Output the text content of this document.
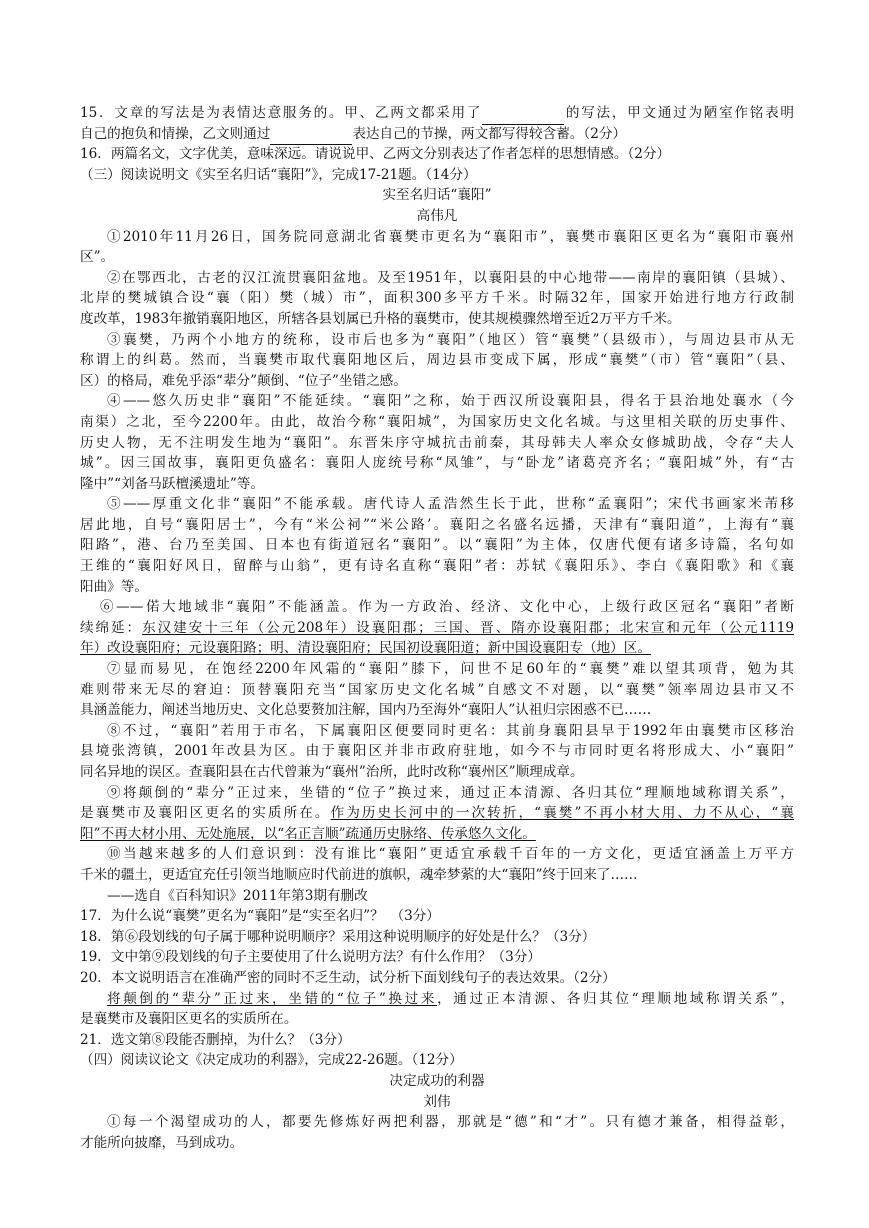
15．文章的写法是为表情达意服务的。甲、乙两文都采用了	的写法，甲文通过为陋室作铭表明
自己的抱负和情操，乙文则通过	表达自己的节操，两文都写得较含蓄。（2分）
16．两篇名文，文字优美，意味深远。请说说甲、乙两文分别表达了作者怎样的思想情感。（2分）
（三）阅读说明文《实至名归话“襄阳”》，完成17-21题。（14分）
实至名归话“襄阳”
高伟凡
①2010年11月26日，国务院同意湖北省襄樊市更名为“襄阳市”，襄樊市襄阳区更名为“襄阳市襄州
区”。
②在鄂西北，古老的汉江流贯襄阳盆地。及至1951年，以襄阳县的中心地带——南岸的襄阳镇（县城）、
北岸的樊城镇合设“襄（阳）樊（城）市”，面积300多平方千米。时隔32年，国家开始进行地方行政制
度改革，1983年撤销襄阳地区，所辖各县划属已升格的襄樊市，使其规模骤然增至近2万平方千米。
③襄樊，乃两个小地方的统称，设市后也多为“襄阳”（地区）管“襄樊”（县级市），与周边县市从无
称谓上的纠葛。然而，当襄樊市取代襄阳地区后，周边县市变成下属，形成“襄樊”（市）管“襄阳”（县、
区）的格局，难免乎添“辈分”颠倒、“位子”坐错之感。
④——悠久历史非“襄阳”不能延续。“襄阳”之称，始于西汉所设襄阳县，得名于县治地处襄水（今
南渠）之北，至今2200年。由此，故治今称“襄阳城”，为国家历史文化名城。与这里相关联的历史事件、
历史人物，无不注明发生地为“襄阳”。东晋朱序守城抗击前秦，其母韩夫人率众女修城助战，令存“夫人
城”。因三国故事，襄阳更负盛名：襄阳人庞统号称“凤雏”，与“卧龙”诸葛亮齐名；“襄阳城”外，有“古
隆中”“刘备马跃檀溪遗址”等。
⑤——厚重文化非“襄阳”不能承载。唐代诗人孟浩然生长于此，世称“孟襄阳”；宋代书画家米芾移
居此地，自号“襄阳居士”，今有“米公祠”“米公路’。襄阳之名盛名远播，天津有“襄阳道”，上海有“襄
阳路”，港、台乃至美国、日本也有街道冠名“襄阳”。以“襄阳”为主体，仅唐代便有诸多诗篇，名句如
王维的“襄阳好风日，留醉与山翁”，更有诗名直称“襄阳”者：苏轼《襄阳乐》、李白《襄阳歌》和《襄
阳曲》等。
⑥——偌大地域非“襄阳”不能涵盖。作为一方政治、经济、文化中心，上级行政区冠名“襄阳”者断
续绵延：东汉建安十三年（公元208年）设襄阳郡；三国、晋、隋亦设襄阳郡；北宋宣和元年（公元1119
年）改设襄阳府；元设襄阳路；明、清设襄阳府；民国初设襄阳道；新中国设襄阳专（地）区。
⑦显而易见，在饱经2200年风霜的“襄阳”膝下，问世不足60年的“襄樊”难以望其项背，勉为其
难则带来无尽的窘迫：顶替襄阳充当“国家历史文化名城”自感文不对题，以“襄樊”领率周边县市又不
具涵盖能力，阐述当地历史、文化总要赘加注解，国内乃至海外“襄阳人”认祖归宗困惑不已……
⑧不过，“襄阳”若用于市名，下属襄阳区便要同时更名：其前身襄阳县早于1992年由襄樊市区移治
县境张湾镇，2001年改县为区。由于襄阳区并非市政府驻地，如今不与市同时更名将形成大、小“襄阳”
同名异地的误区。查襄阳县在古代曾兼为“襄州”治所，此时改称“襄州区”顺理成章。
⑨将颠倒的“辈分”正过来，坐错的“位子”换过来，通过正本清源、各归其位“理顺地域称谓关系”，
是襄樊市及襄阳区更名的实质所在。作为历史长河中的一次转折，“襄樊”不再小材大用、力不从心，“襄
阳”不再大材小用、无处施展，以“名正言顺”疏通历史脉络、传承悠久文化。
⑩当越来越多的人们意识到：没有谁比“襄阳”更适宜承载千百年的一方文化，更适宜涵盖上万平方
千米的疆土，更适宜充任引领当地顺应时代前进的旗帜，魂牵梦萦的大“襄阳”终于回来了……
——选自《百科知识》2011年第3期有删改
17．为什么说“襄樊”更名为“襄阳”是“实至名归”？　（3分）
18．第⑥段划线的句子属于哪种说明顺序？采用这种说明顺序的好处是什么？（3分）
19．文中第⑨段划线的句子主要使用了什么说明方法？有什么作用？（3分）
20．本文说明语言在准确严密的同时不乏生动，试分析下面划线句子的表达效果。（2分）
将颠倒的“辈分”正过来，坐错的“位子”换过来，通过正本清源、各归其位“理顺地域称谓关系”，
是襄樊市及襄阳区更名的实质所在。
21．选文第⑧段能否删掉，为什么？（3分）
（四）阅读议论文《决定成功的利器》，完成22-26题。（12分）
决定成功的利器
刘伟
①每一个渴望成功的人，都要先修炼好两把利器，那就是“德”和“才”。只有德才兼备，相得益彰，
才能所向披靡，马到成功。
